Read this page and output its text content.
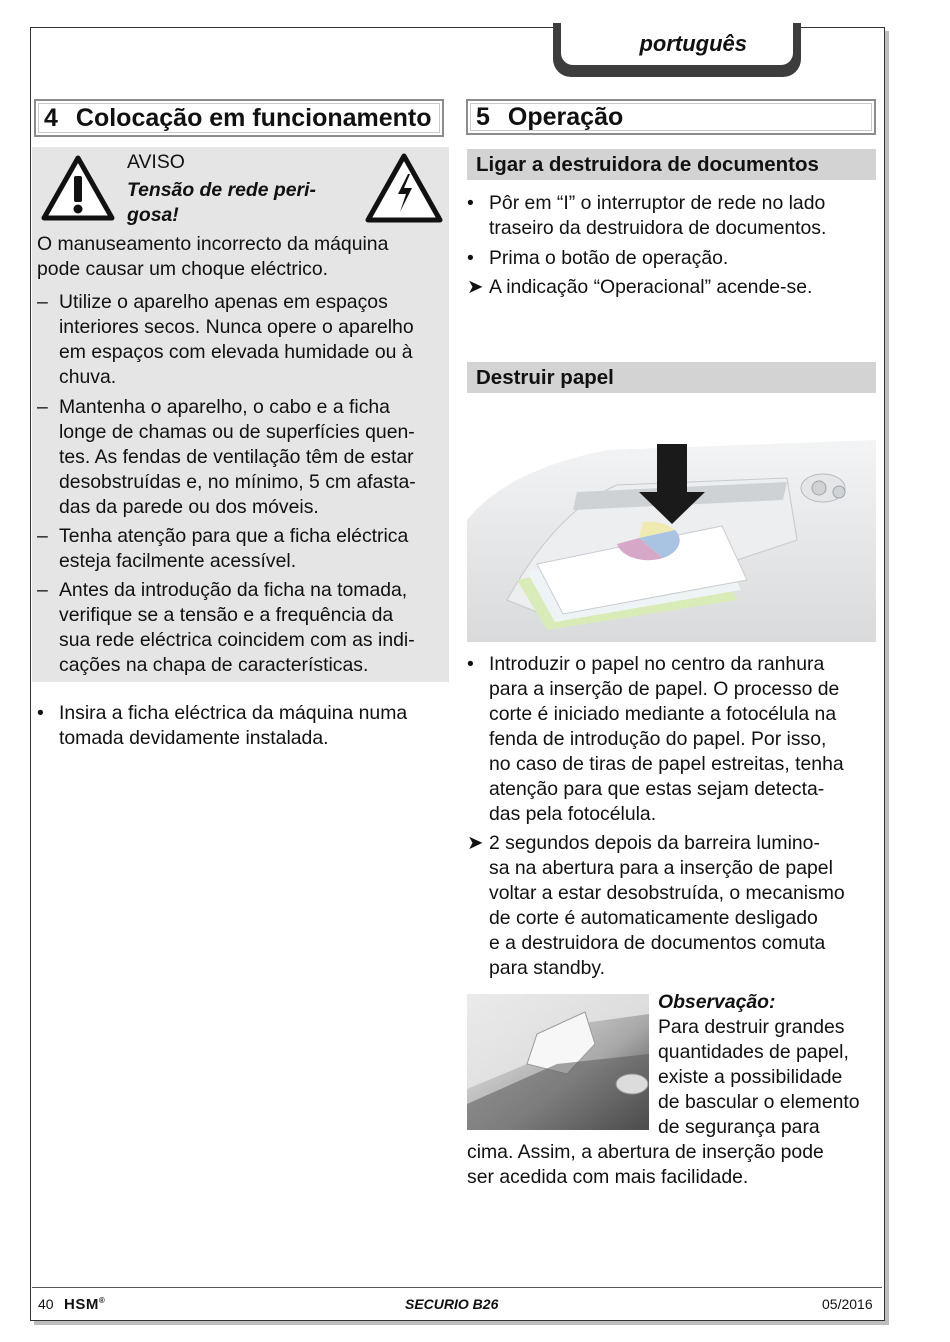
português
4 Colocação em funcionamento 5 Operação
AVISO
Tensão de rede peri-
gosa!
O manuseamento incorrecto da máquina
pode causar um choque eléctrico.
– Utilize o aparelho apenas em espaços
interiores secos. Nunca opere o aparelho
em espaços com elevada humidade ou à
chuva.
– Mantenha o aparelho, o cabo e a ficha
longe de chamas ou de superfícies quen-
tes. As fendas de ventilação têm de estar
desobstruídas e, no mínimo, 5 cm afasta-
das da parede ou dos móveis.
– Tenha atenção para que a ficha eléctrica
esteja facilmente acessível.
– Antes da introdução da ficha na tomada,
verifique se a tensão e a frequência da
sua rede eléctrica coincidem com as indi-
cações na chapa de características.
• Insira a ficha eléctrica da máquina numa
tomada devidamente instalada.
Ligar a destruidora de documentos
• Pôr em “I” o interruptor de rede no lado
traseiro da destruidora de documentos.
• Prima o botão de operação.
➤ A indicação “Operacional” acende-se.
Destruir papel
• Introduzir o papel no centro da ranhura
para a inserção de papel. O processo de
corte é iniciado mediante a fotocélula na
fenda de introdução do papel. Por isso,
no caso de tiras de papel estreitas, tenha
atenção para que estas sejam detecta-
das pela fotocélula.
➤ 2 segundos depois da barreira lumino-
sa na abertura para a inserção de papel
voltar a estar desobstruída, o mecanismo
de corte é automaticamente desligado
e a destruidora de documentos comuta
para standby.
Observação:
Para destruir grandes
quantidades de papel,
existe a possibilidade
de bascular o elemento
de segurança para
cima. Assim, a abertura de inserção pode
ser acedida com mais facilidade.
40 HSM®	SECURIO B26	05/2016
